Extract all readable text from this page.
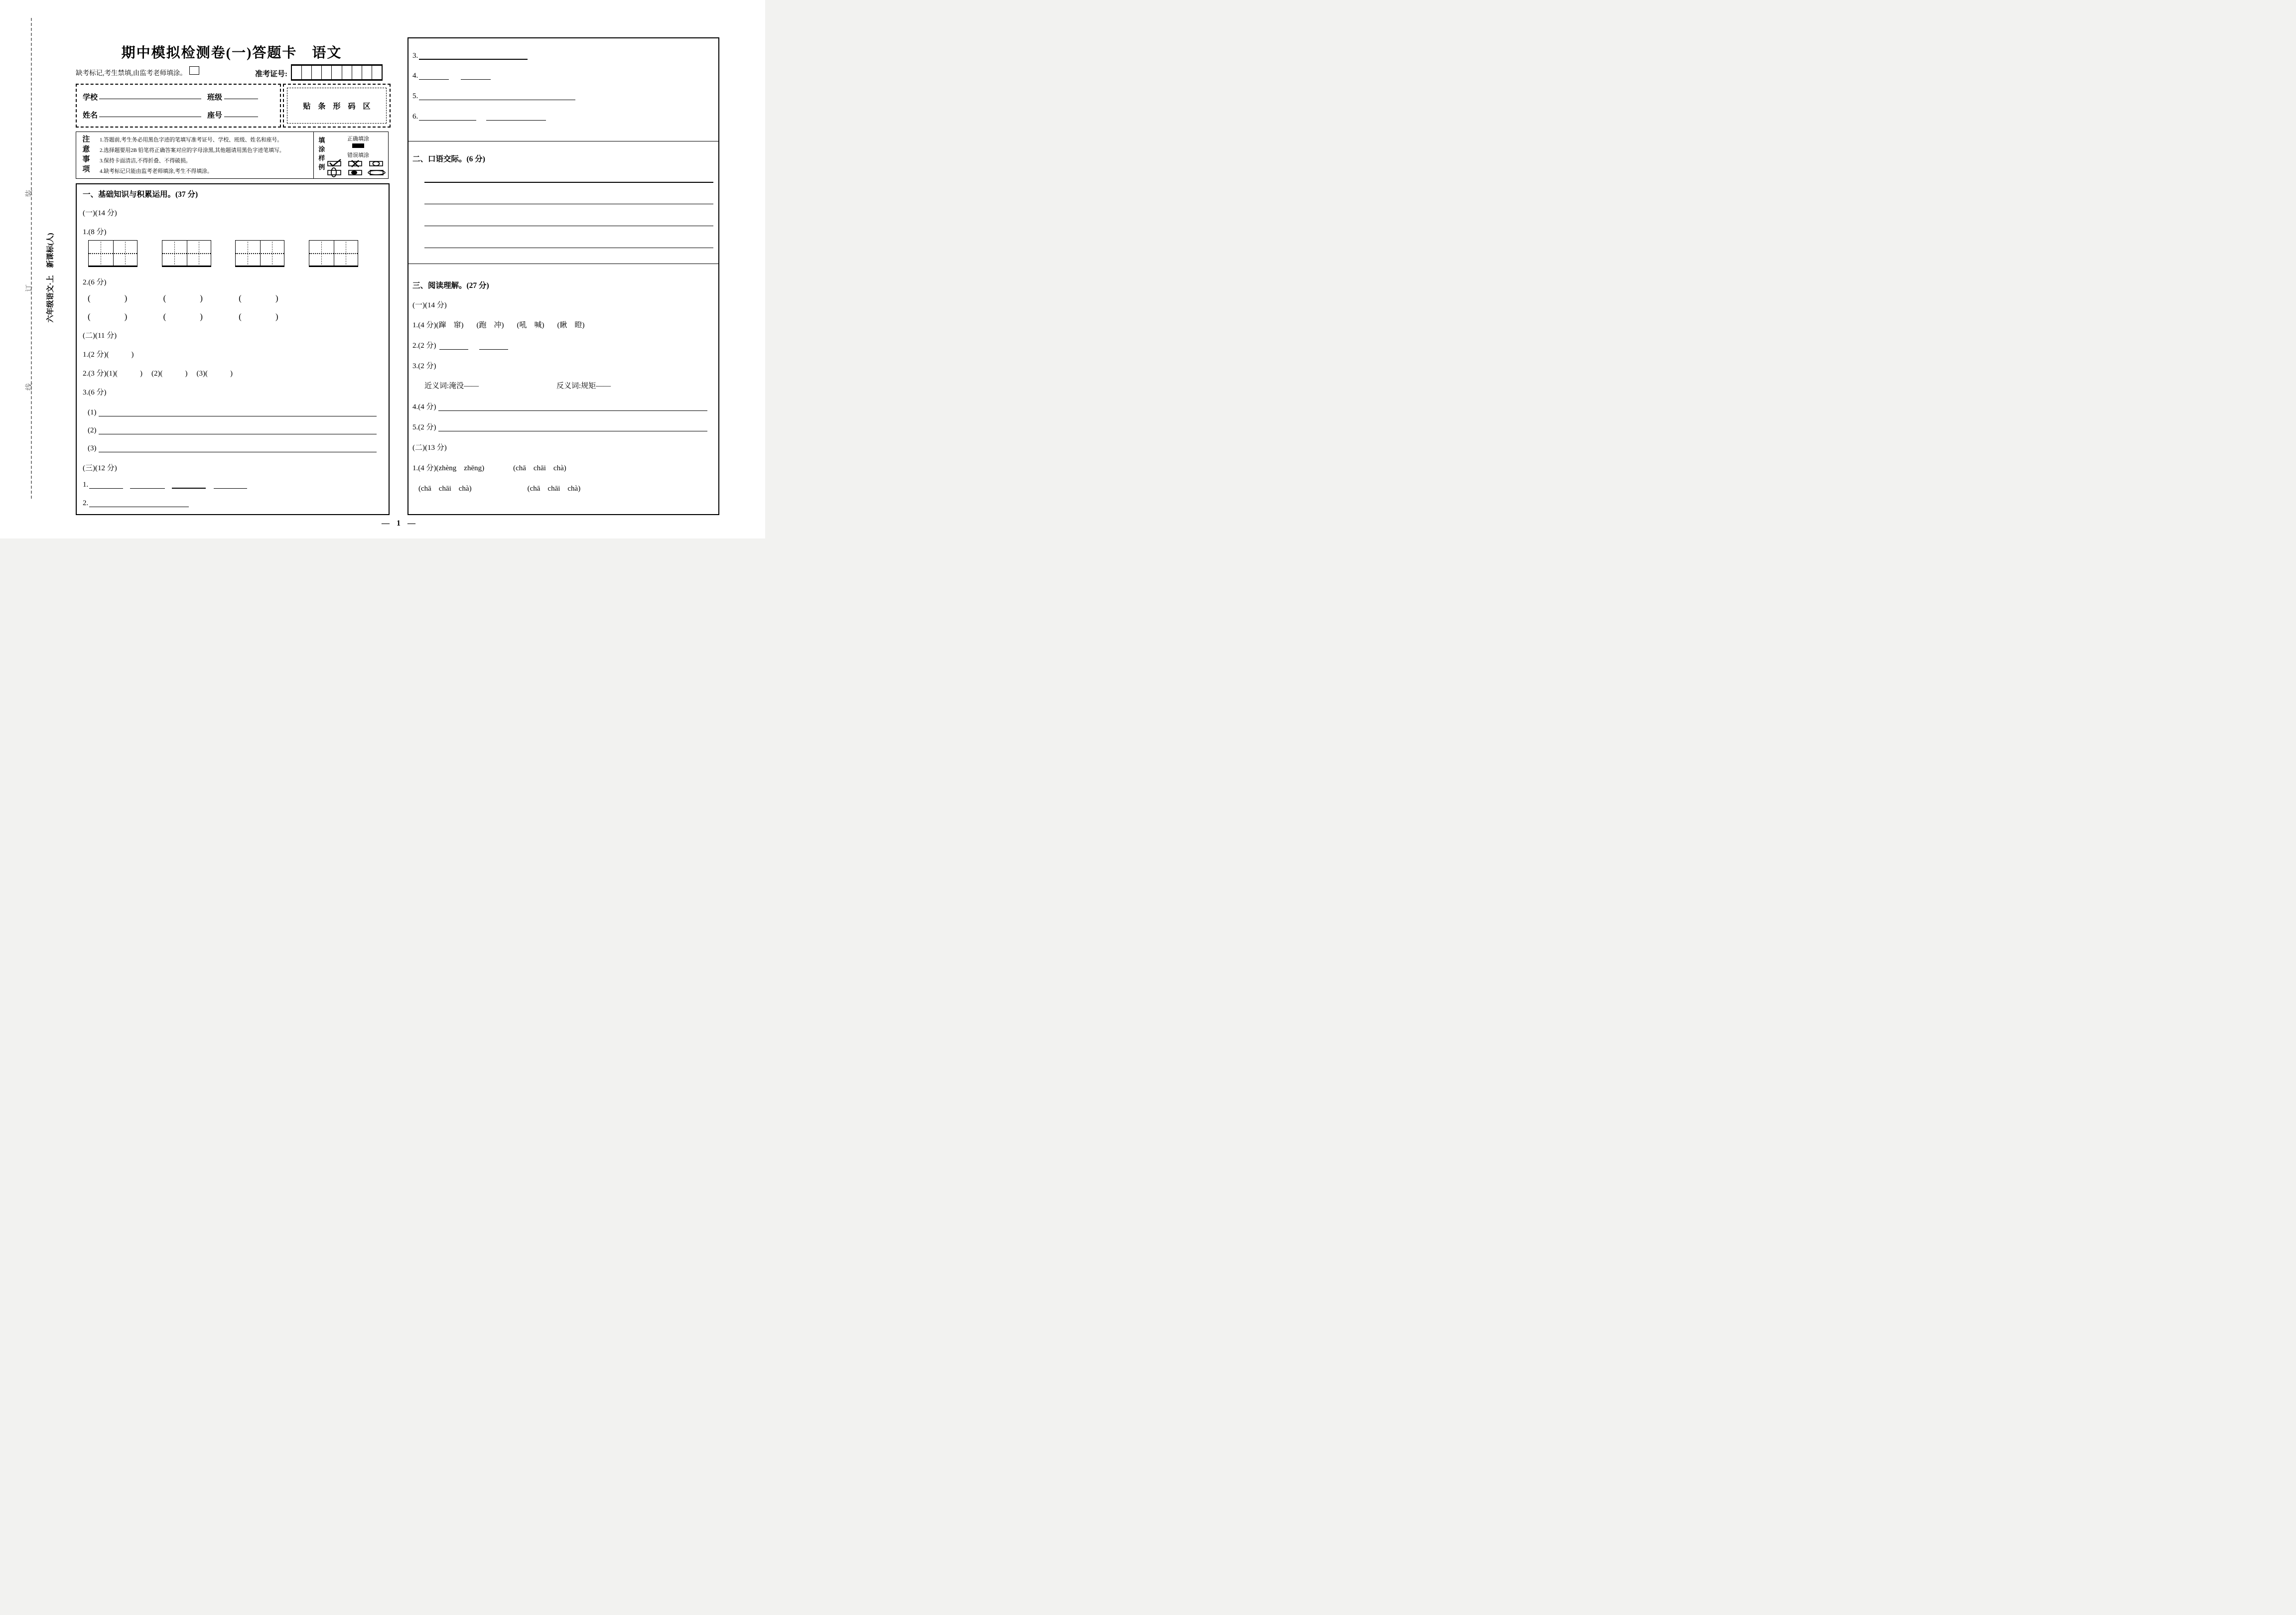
装
订
线
六年级语文·上　新课标(人)
期中模拟检测卷(一)答题卡　语文
缺考标记,考生禁填,由监考老师填涂。	准考证号:
学校	班级
姓名	座号
贴　条　形　码　区
注意事项
1.答题前,考生务必用黑色字迹的笔填写准考证号、学校、班级、姓名和座号。
2.选择题要用2B 铅笔将正确答案对应的字母涂黑,其他题请用黑色字迹笔填写。
3.保持卡面清洁,不得折叠、不得破损。
4.缺考标记只能由监考老师填涂,考生不得填涂。
填涂样例
正确填涂
错误填涂
一、基础知识与积累运用。(37 分)
(一)(14 分)
1.(8 分)
2.(6 分)
(　　　　)	(　　　　)	(　　　　)
(　　　　)	(　　　　)	(　　　　)
(二)(11 分)
1.(2 分)(　　　)
2.(3 分)(1)(　　　) (2)(　　　) (3)(　　　)
3.(6 分)
(1)
(2)
(3)
(三)(12 分)
1.
2.
3.
4.
5.
6.
二、口语交际。(6 分)
三、阅读理解。(27 分)
(一)(14 分)
1.(4 分)(蹿　窜) (跑　冲) (吼　喊) (瞅　瞪)
2.(2 分)
3.(2 分)
近义词:淹没——	反义词:规矩——
4.(4 分)
5.(2 分)
(二)(13 分)
1.(4 分)(zhèng　zhēng)	(chā　chāi　chà)
(chā　chāi　chà)	(chā　chāi　chà)
— 1 —
